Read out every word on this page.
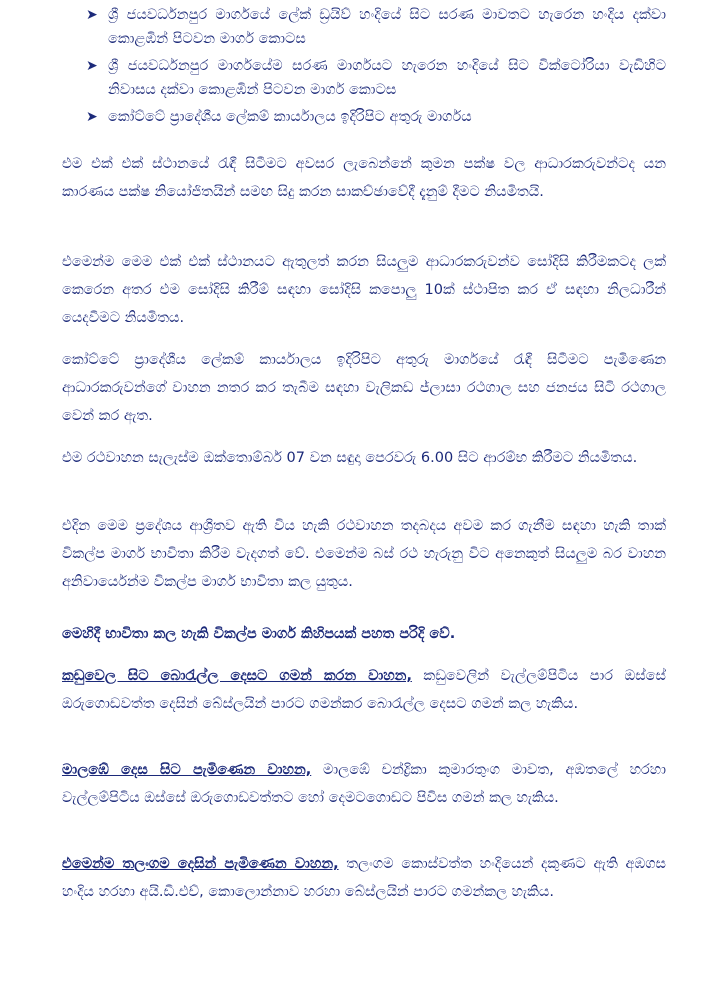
➤ ශ්‍රී ජයවර්ධනපුර මාර්ගයේ ලේක් ඩ්‍රයිව් හංදියේ සිට සරණ මාවතට හැරෙන හංදිය දක්වා කොළඹින් පිටවන මාර්ග කොටස
➤ ශ්‍රී ජයවර්ධනපුර මාර්ගයේම සරණ මාර්ගයට හැරෙන හංදියේ සිට වික්ටෝරියා වැඩිහිට නිවාසය දක්වා කොළඹින් පිටවන මාර්ග කොටස
➤ කෝට්ටේ ප්‍රාදේශීය ලේකම් කාර්යාලය ඉදිරිපිට අතුරු මාර්ගය

එම එක් එක් ස්ථානයේ රැඳී සිටීමට අවසර ලැබෙන්නේ කුමන පක්ෂ වල ආධාරකරුවන්ටද යන කාරණය පක්ෂ නියෝජිතයින් සමඟ සිදු කරන සාකච්ඡාවේදී දැනුම් දීමට නියමිතයි.

එමෙන්ම මෙම එක් එක් ස්ථානයට ඇතුලත් කරන සියලුම ආධාරකරුවන්ව සෝදිසි කිරීමකටද ලක් කෙරෙන අතර එම සෝදිසි කිරීම් සඳහා සෝදිසි කපොලු 10ක් ස්ථාපිත කර ඒ සඳහා නිලධාරීන් යෙදවීමට නියමිතය.

කෝට්ටේ ප්‍රාදේශීය ලේකම් කාර්යාලය ඉදිරිපිට අතුරු මාර්ගයේ රැඳී සිටීමට පැමිණෙන ආධාරකරුවන්ගේ වාහන නතර කර තැබීම සඳහා වැලිකඩ ජ්ලාසා රථගාල සහ ජනජය සිටි රථගාල වෙන් කර ඇත.

එම රථවාහන සැලැස්ම ඔක්තොම්බර් 07 වන සඳුදා පෙරවරු 6.00 සිට ආරම්භ කිරීමට නියමිතය.

එදින මෙම ප්‍රදේශය ආශ්‍රිතව ඇති විය හැකි රථවාහන තදබදය අවම කර ගැනීම සඳහා හැකි තාක් විකල්ප මාර්ග භාවිතා කිරීම වැදගත් වේ. එමෙන්ම බස් රථ හැරුනු විට අනෙකුත් සියලුම බර වාහන අනිවාර්යෙන්ම විකල්ප මාර්ග භාවිතා කල යුතුය.

මෙහිදී භාවිතා කල හැකි විකල්ප මාර්ග කිහිපයක් පහත පරිදි වේ.

කඩුවෙල සිට බොරැල්ල දෙසට ගමන් කරන වාහන, කඩුවෙලින් වැල්ලම්පිටිය පාර ඔස්සේ ඔරුගොඩවත්ත දෙසින් බේස්ලයින් පාරට ගමන්කර බොරැල්ල දෙසට ගමන් කල හැකිය.

මාලඹේ දෙස සිට පැමිණෙන වාහන, මාලඹේ චන්ද්‍රිකා කුමාරතුංග මාවත, අඹතලේ හරහා වැල්ලම්පිටිය ඔස්සේ ඔරුගොඩවත්තට හෝ දෙමටගොඩට පිවිස ගමන් කල හැකිය.

එමෙන්ම තලංගම දෙසින් පැමිණෙන වාහන, තලංගම කොස්වත්ත හංදියෙන් දකුණට ඇති අඹගස හංදිය හරහා අයි.ඩී.එච්, කොලොන්නාව හරහා බේස්ලයින් පාරට ගමන්කල හැකිය.
